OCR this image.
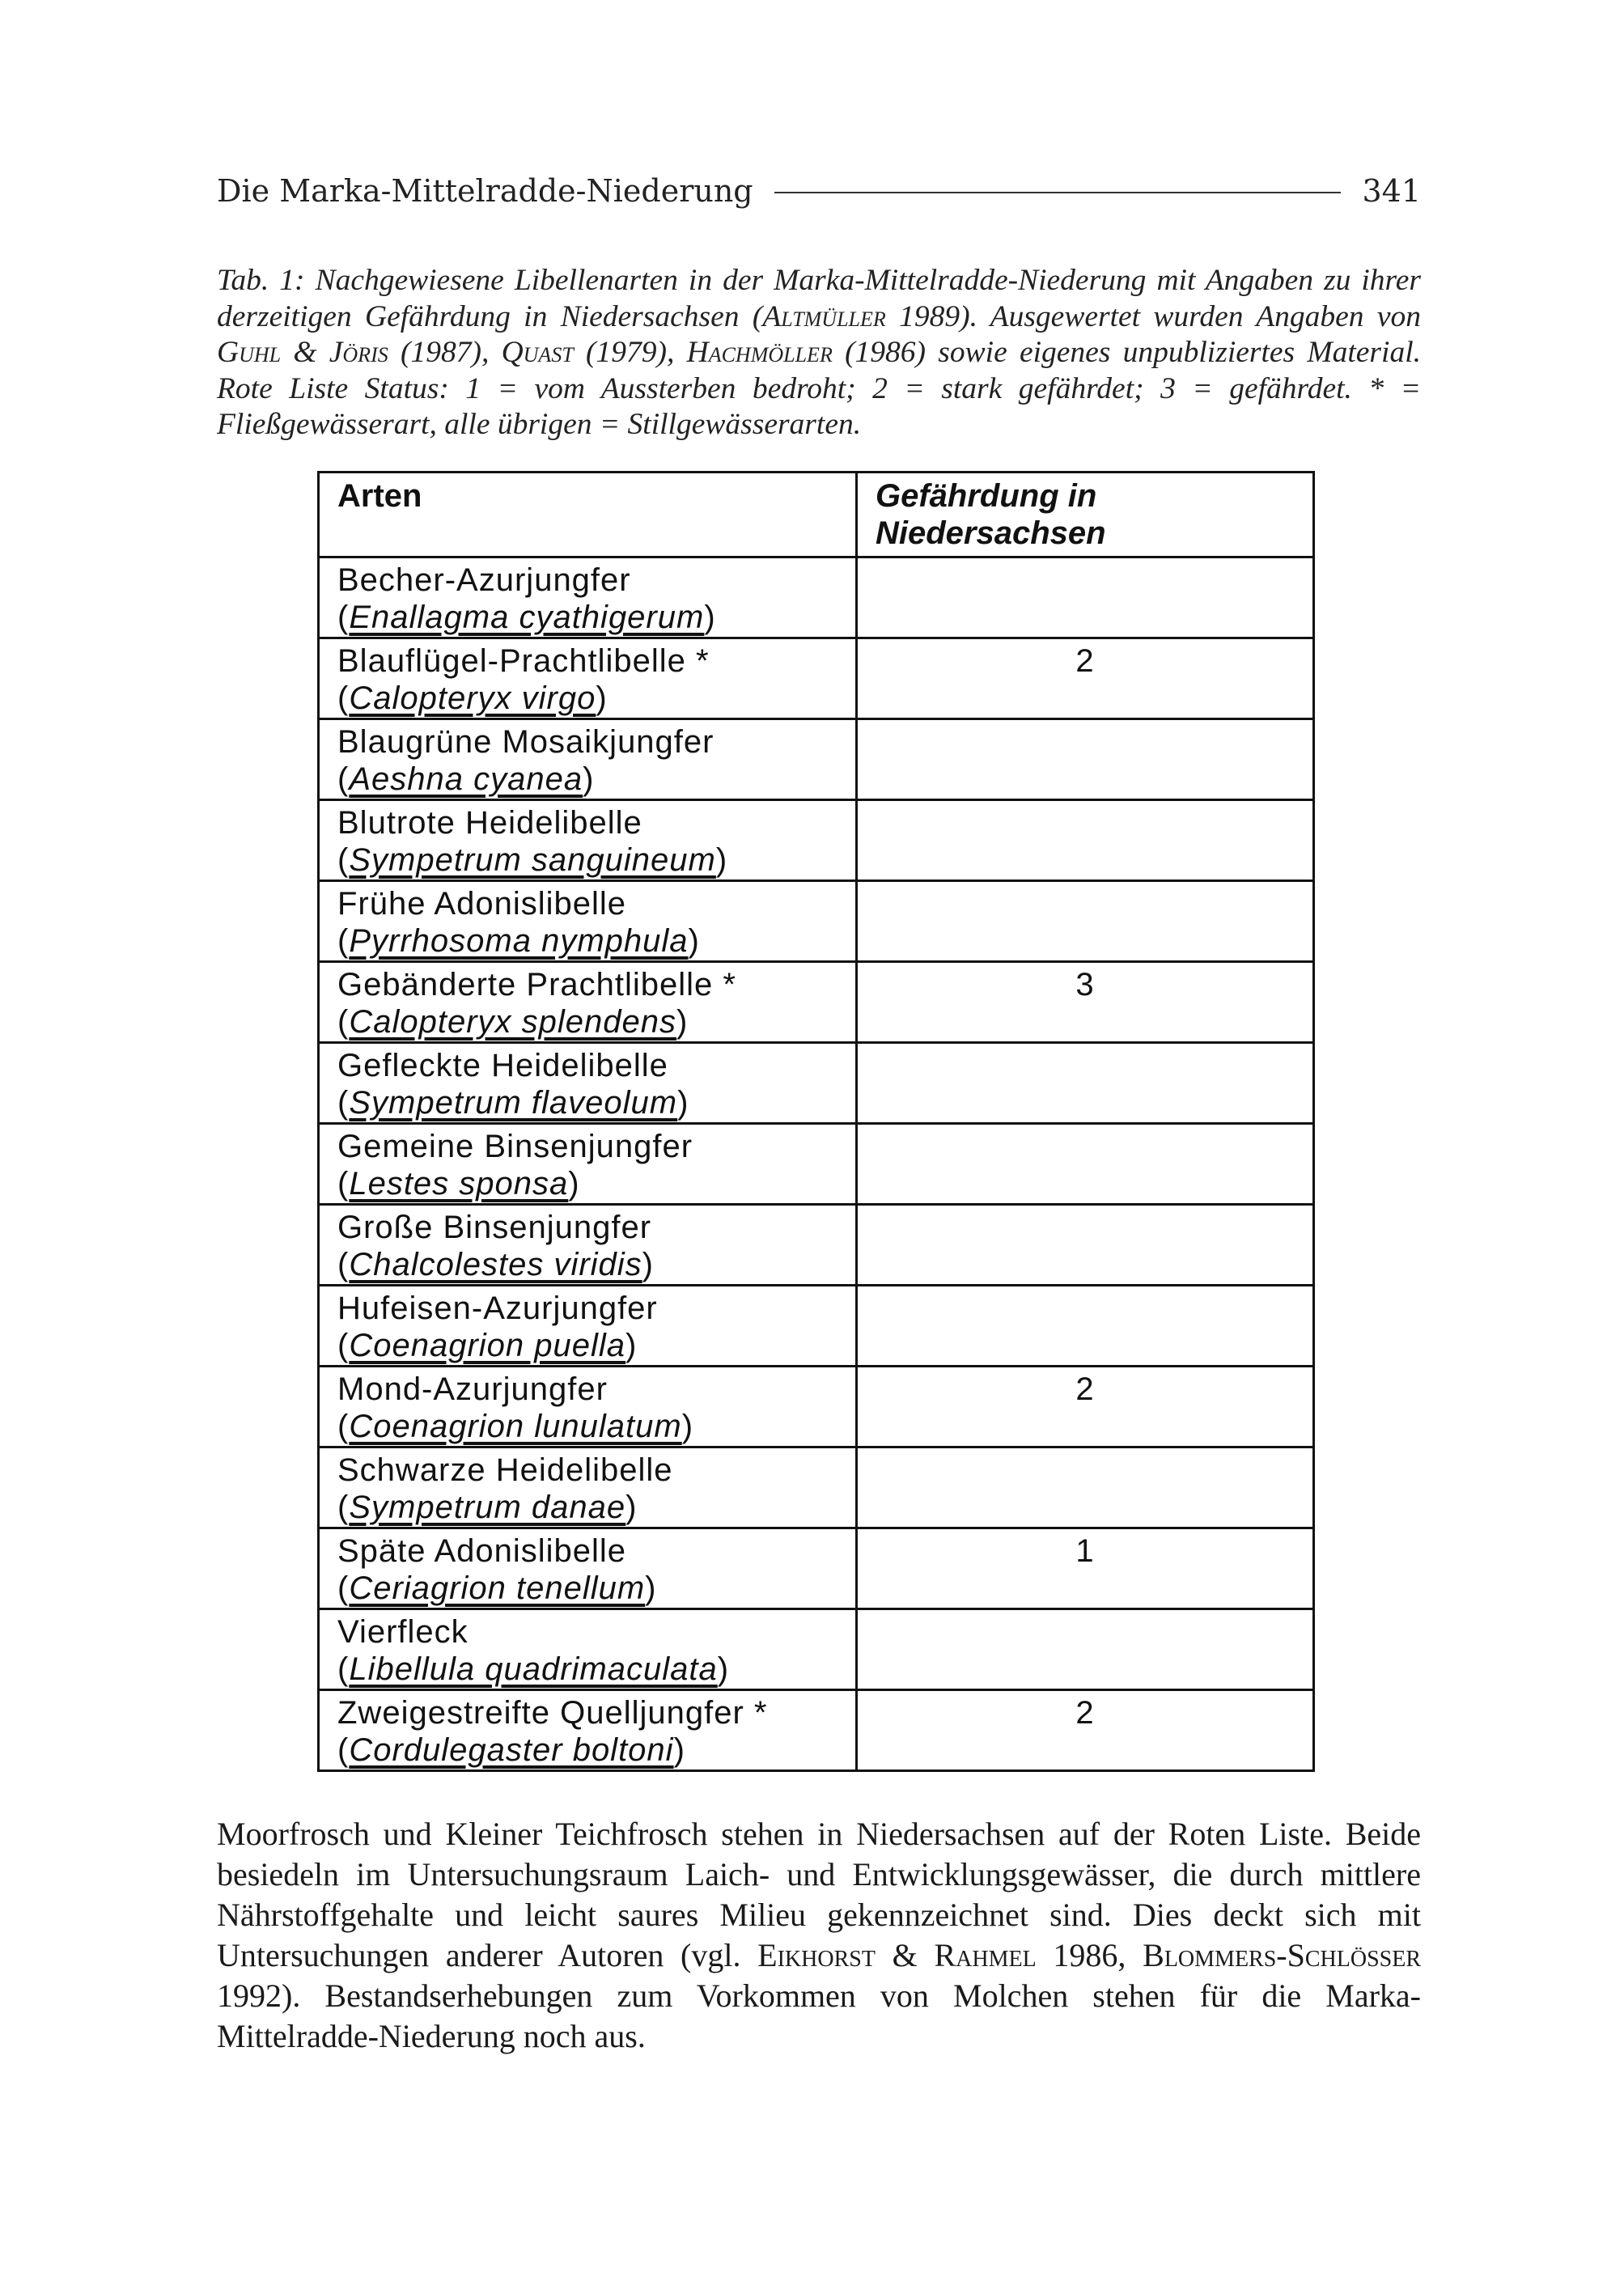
Die Marka-Mittelradde-Niederung	341
Tab. 1: Nachgewiesene Libellenarten in der Marka-Mittelradde-Niederung mit Angaben zu ihrer derzeitigen Gefährdung in Niedersachsen (Altmüller 1989). Ausgewertet wurden Angaben von Guhl & Jöris (1987), Quast (1979), Hachmöller (1986) sowie eigenes unpubliziertes Material. Rote Liste Status: 1 = vom Aussterben bedroht; 2 = stark gefährdet; 3 = gefährdet. * = Fließgewässerart, alle übrigen = Stillgewässerarten.
Arten	Gefährdung in Niedersachsen

Becher-Azurjungfer
(Enallagma cyathigerum)	

Blauflügel-Prachtlibelle *
(Calopteryx virgo)	2

Blaugrüne Mosaikjungfer
(Aeshna cyanea)	

Blutrote Heidelibelle
(Sympetrum sanguineum)	

Frühe Adonislibelle
(Pyrrhosoma nymphula)	

Gebänderte Prachtlibelle *
(Calopteryx splendens)	3

Gefleckte Heidelibelle
(Sympetrum flaveolum)	

Gemeine Binsenjungfer
(Lestes sponsa)	

Große Binsenjungfer
(Chalcolestes viridis)	

Hufeisen-Azurjungfer
(Coenagrion puella)	

Mond-Azurjungfer
(Coenagrion lunulatum)	2

Schwarze Heidelibelle
(Sympetrum danae)	

Späte Adonislibelle
(Ceriagrion tenellum)	1

Vierfleck
(Libellula quadrimaculata)	

Zweigestreifte Quelljungfer *
(Cordulegaster boltoni)	2
Moorfrosch und Kleiner Teichfrosch stehen in Niedersachsen auf der Roten Liste. Beide besiedeln im Untersuchungsraum Laich- und Entwicklungsgewässer, die durch mittlere Nährstoffgehalte und leicht saures Milieu gekennzeichnet sind. Dies deckt sich mit Untersuchungen anderer Autoren (vgl. Eikhorst & Rahmel 1986, Blommers-Schlösser 1992). Bestandserhebungen zum Vorkommen von Molchen stehen für die Marka-Mittelradde-Niederung noch aus.
